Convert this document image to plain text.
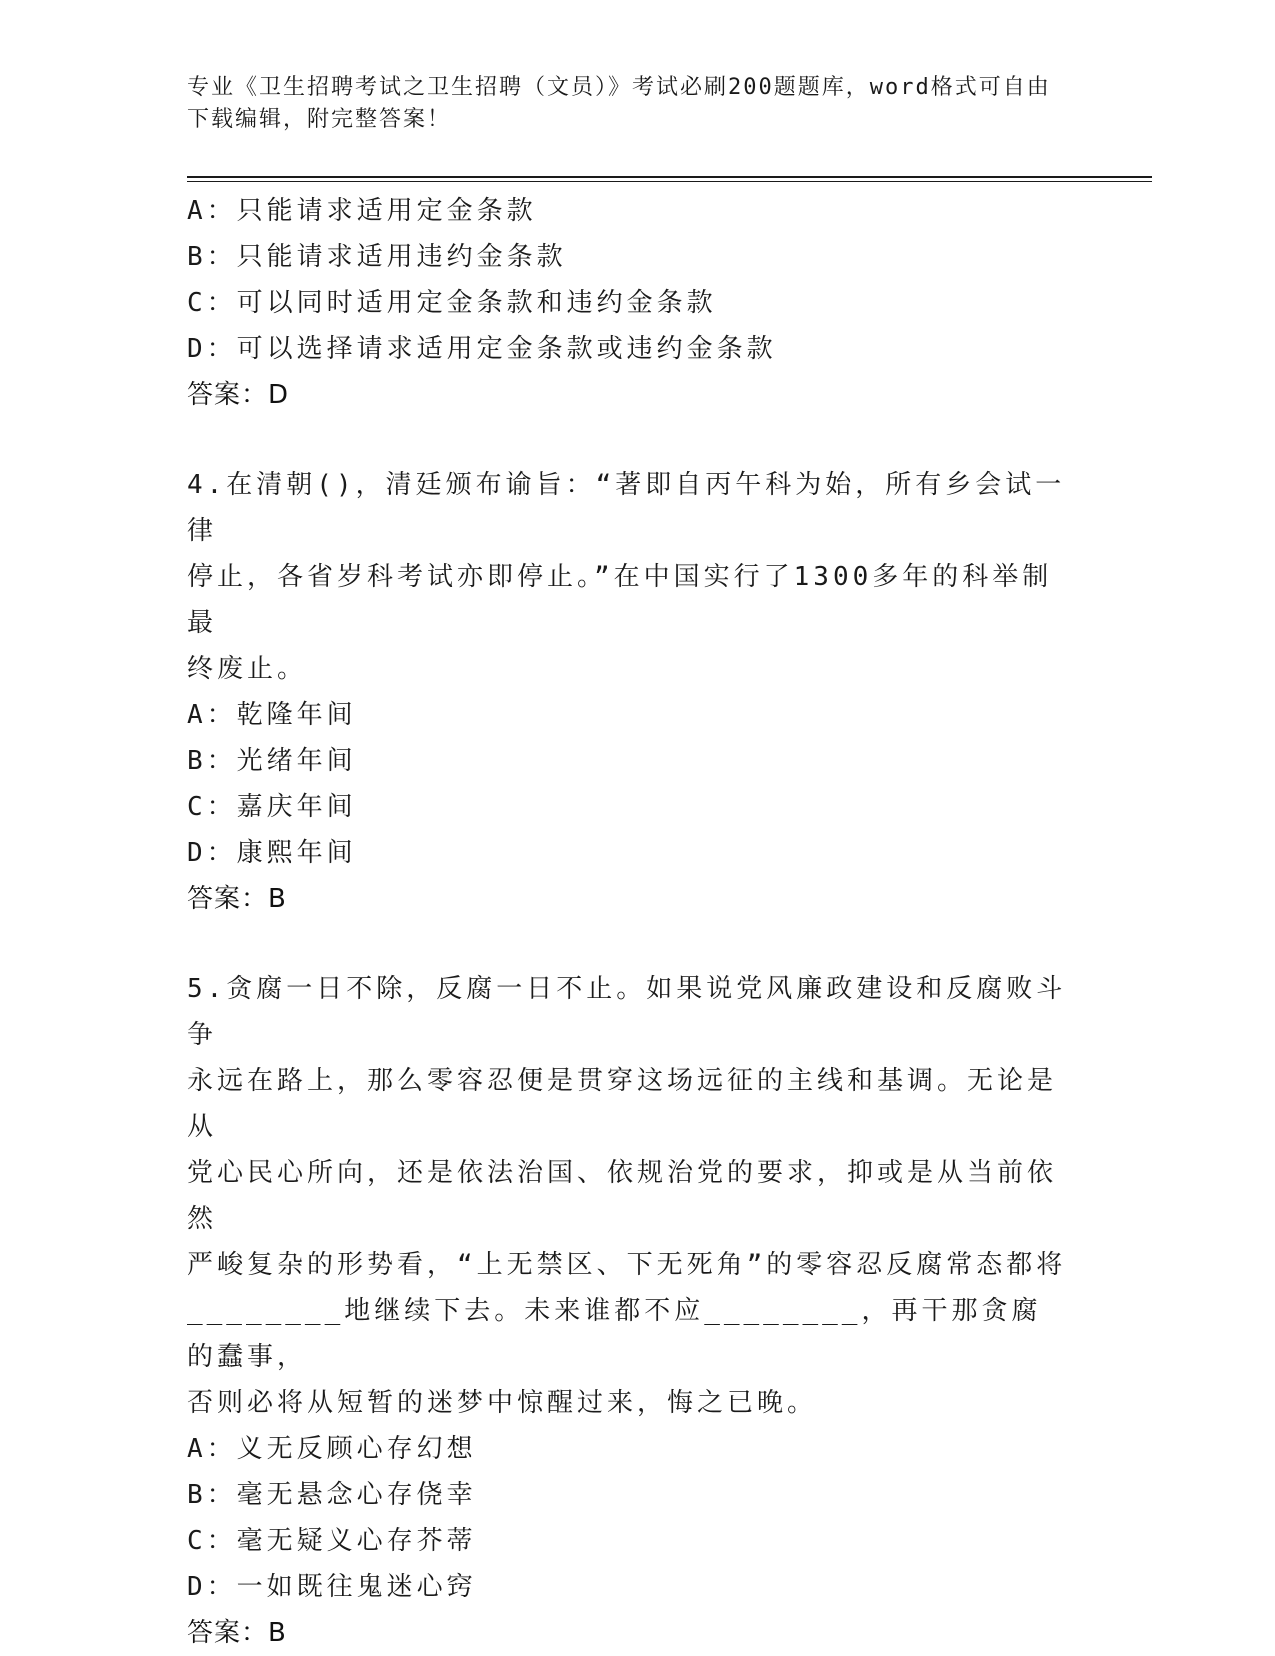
专业《卫生招聘考试之卫生招聘（文员）》考试必刷200题题库，word格式可自由下载编辑，附完整答案！
A：只能请求适用定金条款
B：只能请求适用违约金条款
C：可以同时适用定金条款和违约金条款
D：可以选择请求适用定金条款或违约金条款
答案：D
4.在清朝()，清廷颁布谕旨：“著即自丙午科为始，所有乡会试一律
停止，各省岁科考试亦即停止。”在中国实行了1300多年的科举制最
终废止。
A：乾隆年间
B：光绪年间
C：嘉庆年间
D：康熙年间
答案：B
5.贪腐一日不除，反腐一日不止。如果说党风廉政建设和反腐败斗争
永远在路上，那么零容忍便是贯穿这场远征的主线和基调。无论是从
党心民心所向，还是依法治国、依规治党的要求，抑或是从当前依然
严峻复杂的形势看，“上无禁区、下无死角”的零容忍反腐常态都将
________地继续下去。未来谁都不应________，再干那贪腐的蠢事，
否则必将从短暂的迷梦中惊醒过来，悔之已晚。
A：义无反顾心存幻想
B：毫无悬念心存侥幸
C：毫无疑义心存芥蒂
D：一如既往鬼迷心窍
答案：B
